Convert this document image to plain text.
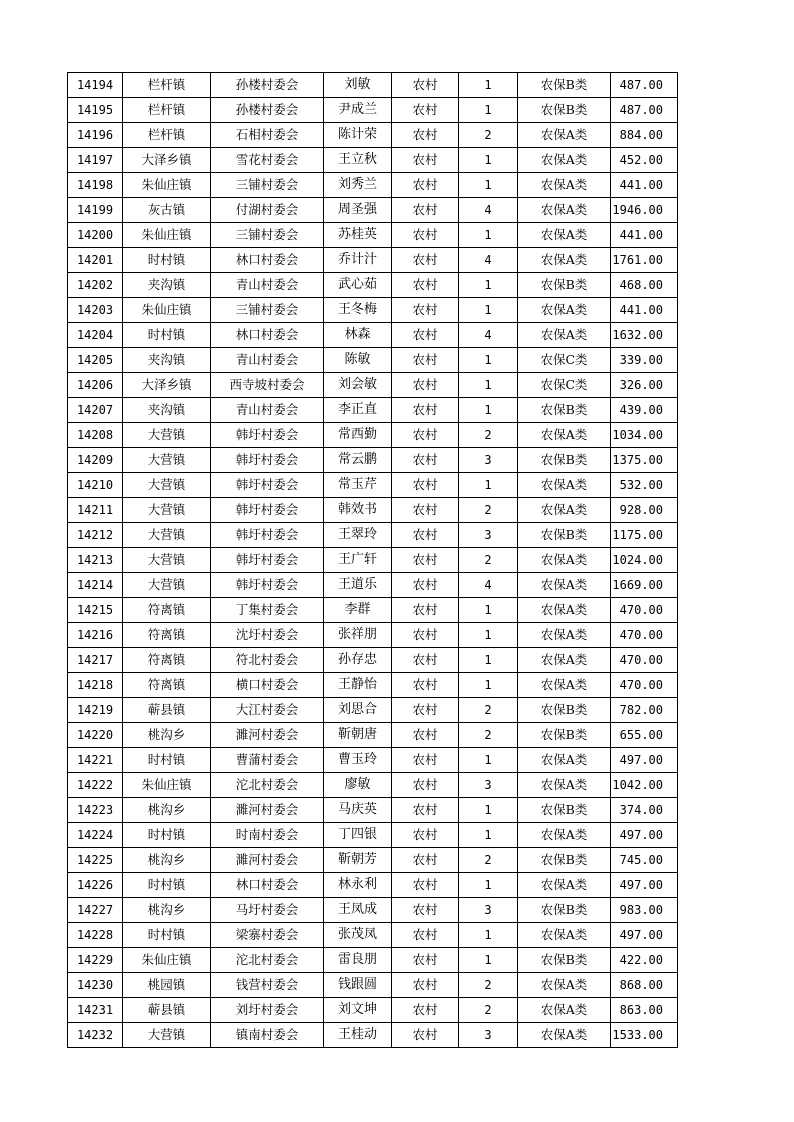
14194	栏杆镇	孙楼村委会	刘敏	农村	1	农保B类	487.00
14195	栏杆镇	孙楼村委会	尹成兰	农村	1	农保B类	487.00
14196	栏杆镇	石相村委会	陈计荣	农村	2	农保A类	884.00
14197	大泽乡镇	雪花村委会	王立秋	农村	1	农保A类	452.00
14198	朱仙庄镇	三铺村委会	刘秀兰	农村	1	农保A类	441.00
14199	灰古镇	付湖村委会	周圣强	农村	4	农保A类	1946.00
14200	朱仙庄镇	三铺村委会	苏桂英	农村	1	农保A类	441.00
14201	时村镇	林口村委会	乔计汁	农村	4	农保A类	1761.00
14202	夹沟镇	青山村委会	武心茹	农村	1	农保B类	468.00
14203	朱仙庄镇	三铺村委会	王冬梅	农村	1	农保A类	441.00
14204	时村镇	林口村委会	林森	农村	4	农保A类	1632.00
14205	夹沟镇	青山村委会	陈敏	农村	1	农保C类	339.00
14206	大泽乡镇	西寺坡村委会	刘会敏	农村	1	农保C类	326.00
14207	夹沟镇	青山村委会	李正直	农村	1	农保B类	439.00
14208	大营镇	韩圩村委会	常西勤	农村	2	农保A类	1034.00
14209	大营镇	韩圩村委会	常云鹏	农村	3	农保B类	1375.00
14210	大营镇	韩圩村委会	常玉芹	农村	1	农保A类	532.00
14211	大营镇	韩圩村委会	韩效书	农村	2	农保A类	928.00
14212	大营镇	韩圩村委会	王翠玲	农村	3	农保B类	1175.00
14213	大营镇	韩圩村委会	王广轩	农村	2	农保A类	1024.00
14214	大营镇	韩圩村委会	王道乐	农村	4	农保A类	1669.00
14215	符离镇	丁集村委会	李群	农村	1	农保A类	470.00
14216	符离镇	沈圩村委会	张祥朋	农村	1	农保A类	470.00
14217	符离镇	符北村委会	孙存忠	农村	1	农保A类	470.00
14218	符离镇	横口村委会	王静怡	农村	1	农保A类	470.00
14219	蕲县镇	大江村委会	刘思合	农村	2	农保B类	782.00
14220	桃沟乡	濉河村委会	靳朝唐	农村	2	农保B类	655.00
14221	时村镇	曹蒲村委会	曹玉玲	农村	1	农保A类	497.00
14222	朱仙庄镇	沱北村委会	廖敏	农村	3	农保A类	1042.00
14223	桃沟乡	濉河村委会	马庆英	农村	1	农保B类	374.00
14224	时村镇	时南村委会	丁四银	农村	1	农保A类	497.00
14225	桃沟乡	濉河村委会	靳朝芳	农村	2	农保B类	745.00
14226	时村镇	林口村委会	林永利	农村	1	农保A类	497.00
14227	桃沟乡	马圩村委会	王凤成	农村	3	农保B类	983.00
14228	时村镇	梁寨村委会	张茂凤	农村	1	农保A类	497.00
14229	朱仙庄镇	沱北村委会	雷良朋	农村	1	农保B类	422.00
14230	桃园镇	钱营村委会	钱跟圆	农村	2	农保A类	868.00
14231	蕲县镇	刘圩村委会	刘文坤	农村	2	农保A类	863.00
14232	大营镇	镇南村委会	王桂动	农村	3	农保A类	1533.00
